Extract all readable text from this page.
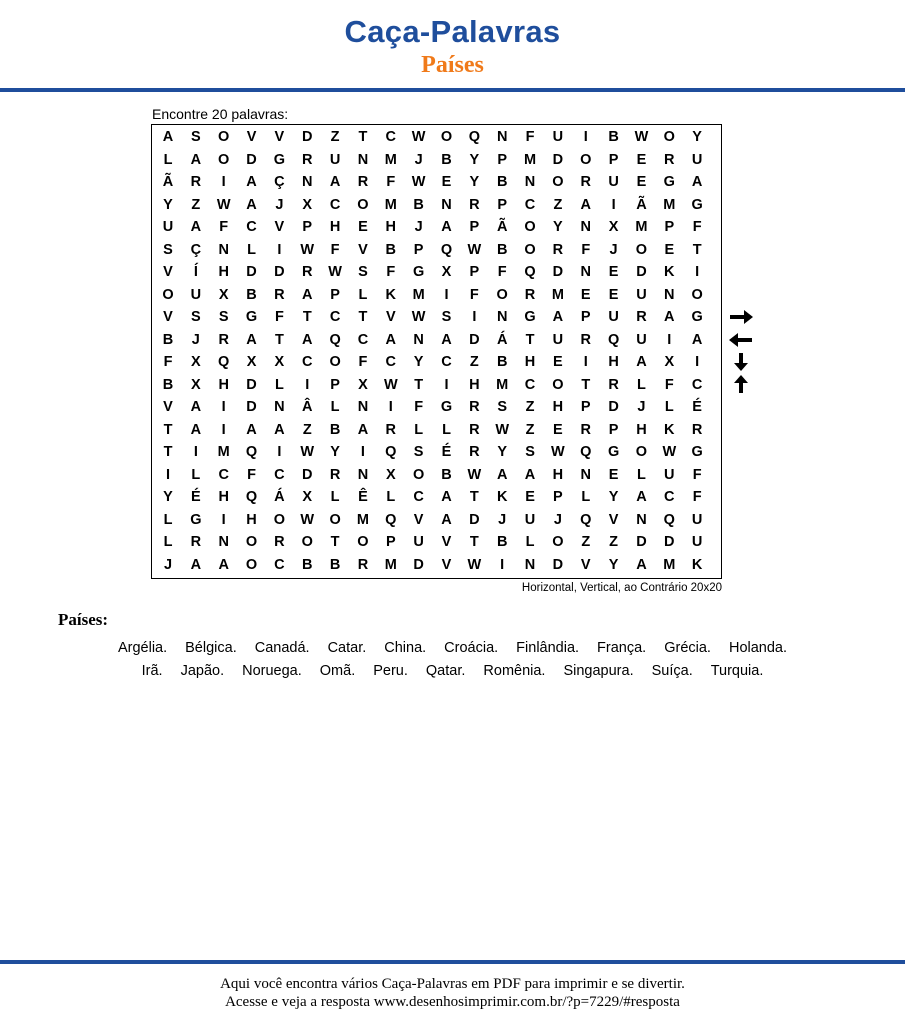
Caça-Palavras
Países
Encontre 20 palavras:
A	S	O	V	V	D	Z	T	C	W	O	Q	N	F	U	I	B	W	O	Y
L	A	O	D	G	R	U	N	M	J	B	Y	P	M	D	O	P	E	R	U
Ã	R	I	A	Ç	N	A	R	F	W	E	Y	B	N	O	R	U	E	G	A
Y	Z	W	A	J	X	C	O	M	B	N	R	P	C	Z	A	I	Ã	M	G
U	A	F	C	V	P	H	E	H	J	A	P	Ã	O	Y	N	X	M	P	F
S	Ç	N	L	I	W	F	V	B	P	Q	W	B	O	R	F	J	O	E	T
V	Í	H	D	D	R	W	S	F	G	X	P	F	Q	D	N	E	D	K	I
O	U	X	B	R	A	P	L	K	M	I	F	O	R	M	E	E	U	N	O
V	S	S	G	F	T	C	T	V	W	S	I	N	G	A	P	U	R	A	G
B	J	R	A	T	A	Q	C	A	N	A	D	Á	T	U	R	Q	U	I	A
F	X	Q	X	X	C	O	F	C	Y	C	Z	B	H	E	I	H	A	X	I
B	X	H	D	L	I	P	X	W	T	I	H	M	C	O	T	R	L	F	C
V	A	I	D	N	Â	L	N	I	F	G	R	S	Z	H	P	D	J	L	É
T	A	I	A	A	Z	B	A	R	L	L	R	W	Z	E	R	P	H	K	R
T	I	M	Q	I	W	Y	I	Q	S	É	R	Y	S	W	Q	G	O	W	G
I	L	C	F	C	D	R	N	X	O	B	W	A	A	H	N	E	L	U	F
Y	É	H	Q	Á	X	L	Ê	L	C	A	T	K	E	P	L	Y	A	C	F
L	G	I	H	O	W	O	M	Q	V	A	D	J	U	J	Q	V	N	Q	U
L	R	N	O	R	O	T	O	P	U	V	T	B	L	O	Z	Z	D	D	U
J	A	A	O	C	B	B	R	M	D	V	W	I	N	D	V	Y	A	M	K
Horizontal, Vertical, ao Contrário 20x20
Países:
Argélia. Bélgica. Canadá. Catar. China. Croácia. Finlândia. França. Grécia. Holanda.
Irã. Japão. Noruega. Omã. Peru. Qatar. Romênia. Singapura. Suíça. Turquia.
Aqui você encontra vários Caça-Palavras em PDF para imprimir e se divertir.
Acesse e veja a resposta www.desenhosimprimir.com.br/?p=7229/#resposta
